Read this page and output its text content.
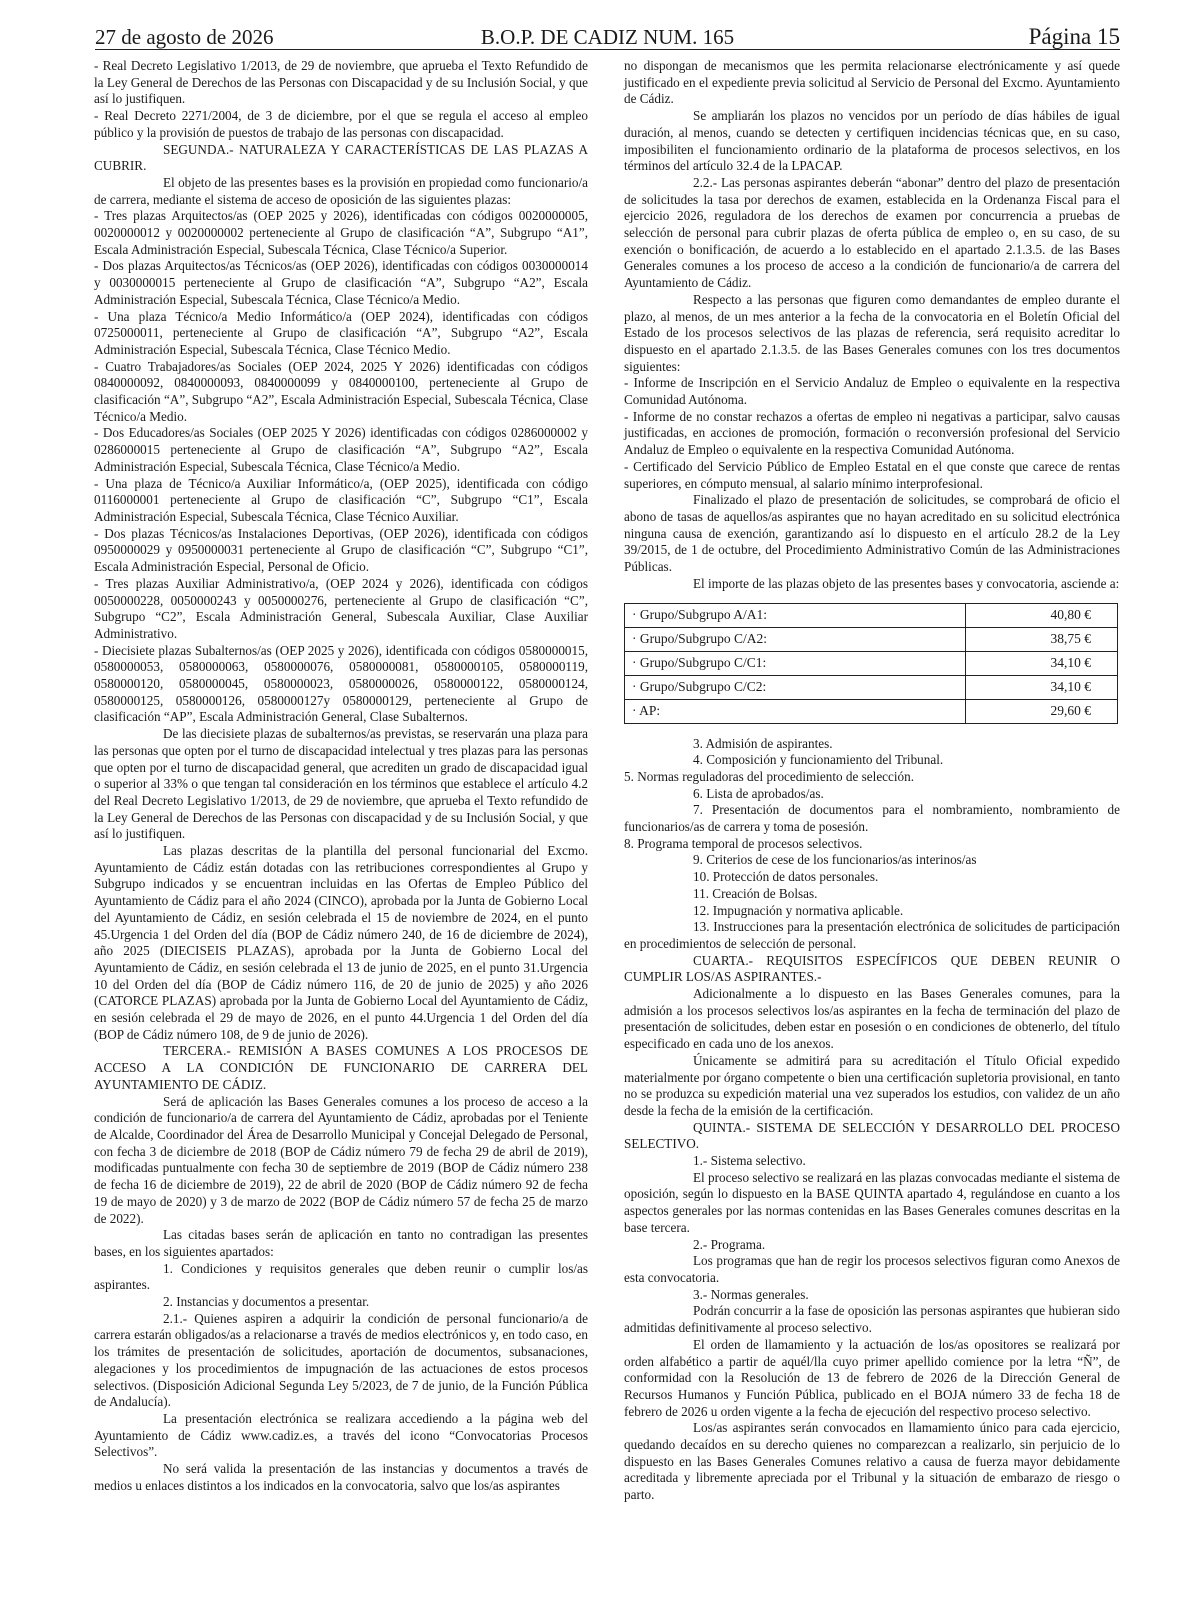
27 de agosto de 2026	B.O.P. DE CADIZ NUM. 165	Página 15

- Real Decreto Legislativo 1/2013, de 29 de noviembre, que aprueba el Texto Refundido de la Ley General de Derechos de las Personas con Discapacidad y de su Inclusión Social, y que así lo justifiquen.

- Real Decreto 2271/2004, de 3 de diciembre, por el que se regula el acceso al empleo público y la provisión de puestos de trabajo de las personas con discapacidad.

SEGUNDA.- NATURALEZA Y CARACTERÍSTICAS DE LAS PLAZAS A CUBRIR.

El objeto de las presentes bases es la provisión en propiedad como funcionario/a de carrera, mediante el sistema de acceso de oposición de las siguientes plazas:

- Tres plazas Arquitectos/as (OEP 2025 y 2026), identificadas con códigos 0020000005, 0020000012 y 0020000002 perteneciente al Grupo de clasificación “A”, Subgrupo “A1”, Escala Administración Especial, Subescala Técnica, Clase Técnico/a Superior.

- Dos plazas Arquitectos/as Técnicos/as (OEP 2026), identificadas con códigos 0030000014 y 0030000015 perteneciente al Grupo de clasificación “A”, Subgrupo “A2”, Escala Administración Especial, Subescala Técnica, Clase Técnico/a Medio.

- Una plaza Técnico/a Medio Informático/a (OEP 2024), identificadas con códigos 0725000011, perteneciente al Grupo de clasificación “A”, Subgrupo “A2”, Escala Administración Especial, Subescala Técnica, Clase Técnico Medio.

- Cuatro Trabajadores/as Sociales (OEP 2024, 2025 Y 2026) identificadas con códigos 0840000092, 0840000093, 0840000099 y 0840000100, perteneciente al Grupo de clasificación “A”, Subgrupo “A2”, Escala Administración Especial, Subescala Técnica, Clase Técnico/a Medio.

- Dos Educadores/as Sociales (OEP 2025 Y 2026) identificadas con códigos 0286000002 y 0286000015 perteneciente al Grupo de clasificación “A”, Subgrupo “A2”, Escala Administración Especial, Subescala Técnica, Clase Técnico/a Medio.

- Una plaza de Técnico/a Auxiliar Informático/a, (OEP 2025), identificada con código 0116000001 perteneciente al Grupo de clasificación “C”, Subgrupo “C1”, Escala Administración Especial, Subescala Técnica, Clase Técnico Auxiliar.

- Dos plazas Técnicos/as Instalaciones Deportivas, (OEP 2026), identificada con códigos 0950000029 y 0950000031 perteneciente al Grupo de clasificación “C”, Subgrupo “C1”, Escala Administración Especial, Personal de Oficio.

- Tres plazas Auxiliar Administrativo/a, (OEP 2024 y 2026), identificada con códigos 0050000228, 0050000243 y 0050000276, perteneciente al Grupo de clasificación “C”, Subgrupo “C2”, Escala Administración General, Subescala Auxiliar, Clase Auxiliar Administrativo.

- Diecisiete plazas Subalternos/as (OEP 2025 y 2026), identificada con códigos 0580000015, 0580000053, 0580000063, 0580000076, 0580000081, 0580000105, 0580000119, 0580000120, 0580000045, 0580000023, 0580000026, 0580000122, 0580000124, 0580000125, 0580000126, 0580000127y 0580000129, perteneciente al Grupo de clasificación “AP”, Escala Administración General, Clase Subalternos.

De las diecisiete plazas de subalternos/as previstas, se reservarán una plaza para las personas que opten por el turno de discapacidad intelectual y tres plazas para las personas que opten por el turno de discapacidad general, que acrediten un grado de discapacidad igual o superior al 33% o que tengan tal consideración en los términos que establece el artículo 4.2 del Real Decreto Legislativo 1/2013, de 29 de noviembre, que aprueba el Texto refundido de la Ley General de Derechos de las Personas con discapacidad y de su Inclusión Social, y que así lo justifiquen.

Las plazas descritas de la plantilla del personal funcionarial del Excmo. Ayuntamiento de Cádiz están dotadas con las retribuciones correspondientes al Grupo y Subgrupo indicados y se encuentran incluidas en las Ofertas de Empleo Público del Ayuntamiento de Cádiz para el año 2024 (CINCO), aprobada por la Junta de Gobierno Local del Ayuntamiento de Cádiz, en sesión celebrada el 15 de noviembre de 2024, en el punto 45.Urgencia 1 del Orden del día (BOP de Cádiz número 240, de 16 de diciembre de 2024), año 2025 (DIECISEIS PLAZAS), aprobada por la Junta de Gobierno Local del Ayuntamiento de Cádiz, en sesión celebrada el 13 de junio de 2025, en el punto 31.Urgencia 10 del Orden del día (BOP de Cádiz número 116, de 20 de junio de 2025) y año 2026 (CATORCE PLAZAS) aprobada por la Junta de Gobierno Local del Ayuntamiento de Cádiz, en sesión celebrada el 29 de mayo de 2026, en el punto 44.Urgencia 1 del Orden del día (BOP de Cádiz número 108, de 9 de junio de 2026).

TERCERA.- REMISIÓN A BASES COMUNES A LOS PROCESOS DE ACCESO A LA CONDICIÓN DE FUNCIONARIO DE CARRERA DEL AYUNTAMIENTO DE CÁDIZ.

Será de aplicación las Bases Generales comunes a los proceso de acceso a la condición de funcionario/a de carrera del Ayuntamiento de Cádiz, aprobadas por el Teniente de Alcalde, Coordinador del Área de Desarrollo Municipal y Concejal Delegado de Personal, con fecha 3 de diciembre de 2018 (BOP de Cádiz número 79 de fecha 29 de abril de 2019), modificadas puntualmente con fecha 30 de septiembre de 2019 (BOP de Cádiz número 238 de fecha 16 de diciembre de 2019), 22 de abril de 2020 (BOP de Cádiz número 92 de fecha 19 de mayo de 2020) y 3 de marzo de 2022 (BOP de Cádiz número 57 de fecha 25 de marzo de 2022).

Las citadas bases serán de aplicación en tanto no contradigan las presentes bases, en los siguientes apartados:

1. Condiciones y requisitos generales que deben reunir o cumplir los/as aspirantes.

2. Instancias y documentos a presentar.

2.1.- Quienes aspiren a adquirir la condición de personal funcionario/a de carrera estarán obligados/as a relacionarse a través de medios electrónicos y, en todo caso, en los trámites de presentación de solicitudes, aportación de documentos, subsanaciones, alegaciones y los procedimientos de impugnación de las actuaciones de estos procesos selectivos. (Disposición Adicional Segunda Ley 5/2023, de 7 de junio, de la Función Pública de Andalucía).

La presentación electrónica se realizara accediendo a la página web del Ayuntamiento de Cádiz www.cadiz.es, a través del icono “Convocatorias Procesos Selectivos”.

No será valida la presentación de las instancias y documentos a través de medios u enlaces distintos a los indicados en la convocatoria, salvo que los/as aspirantes

no dispongan de mecanismos que les permita relacionarse electrónicamente y así quede justificado en el expediente previa solicitud al Servicio de Personal del Excmo. Ayuntamiento de Cádiz.

Se ampliarán los plazos no vencidos por un período de días hábiles de igual duración, al menos, cuando se detecten y certifiquen incidencias técnicas que, en su caso, imposibiliten el funcionamiento ordinario de la plataforma de procesos selectivos, en los términos del artículo 32.4 de la LPACAP.

2.2.- Las personas aspirantes deberán “abonar” dentro del plazo de presentación de solicitudes la tasa por derechos de examen, establecida en la Ordenanza Fiscal para el ejercicio 2026, reguladora de los derechos de examen por concurrencia a pruebas de selección de personal para cubrir plazas de oferta pública de empleo o, en su caso, de su exención o bonificación, de acuerdo a lo establecido en el apartado 2.1.3.5. de las Bases Generales comunes a los proceso de acceso a la condición de funcionario/a de carrera del Ayuntamiento de Cádiz.

Respecto a las personas que figuren como demandantes de empleo durante el plazo, al menos, de un mes anterior a la fecha de la convocatoria en el Boletín Oficial del Estado de los procesos selectivos de las plazas de referencia, será requisito acreditar lo dispuesto en el apartado 2.1.3.5. de las Bases Generales comunes con los tres documentos siguientes:

- Informe de Inscripción en el Servicio Andaluz de Empleo o equivalente en la respectiva Comunidad Autónoma.

- Informe de no constar rechazos a ofertas de empleo ni negativas a participar, salvo causas justificadas, en acciones de promoción, formación o reconversión profesional del Servicio Andaluz de Empleo o equivalente en la respectiva Comunidad Autónoma.

- Certificado del Servicio Público de Empleo Estatal en el que conste que carece de rentas superiores, en cómputo mensual, al salario mínimo interprofesional.

Finalizado el plazo de presentación de solicitudes, se comprobará de oficio el abono de tasas de aquellos/as aspirantes que no hayan acreditado en su solicitud electrónica ninguna causa de exención, garantizando así lo dispuesto en el artículo 28.2 de la Ley 39/2015, de 1 de octubre, del Procedimiento Administrativo Común de las Administraciones Públicas.

El importe de las plazas objeto de las presentes bases y convocatoria, asciende a:

· Grupo/Subgrupo A/A1:	40,80 €
· Grupo/Subgrupo C/A2:	38,75 €
· Grupo/Subgrupo C/C1:	34,10 €
· Grupo/Subgrupo C/C2:	34,10 €
· AP:	29,60 €

3. Admisión de aspirantes.

4. Composición y funcionamiento del Tribunal.

5. Normas reguladoras del procedimiento de selección.

6. Lista de aprobados/as.

7. Presentación de documentos para el nombramiento, nombramiento de funcionarios/as de carrera y toma de posesión.

8. Programa temporal de procesos selectivos.

9. Criterios de cese de los funcionarios/as interinos/as

10. Protección de datos personales.

11. Creación de Bolsas.

12. Impugnación y normativa aplicable.

13. Instrucciones para la presentación electrónica de solicitudes de participación en procedimientos de selección de personal.

CUARTA.- REQUISITOS ESPECÍFICOS QUE DEBEN REUNIR O CUMPLIR LOS/AS ASPIRANTES.-

Adicionalmente a lo dispuesto en las Bases Generales comunes, para la admisión a los procesos selectivos los/as aspirantes en la fecha de terminación del plazo de presentación de solicitudes, deben estar en posesión o en condiciones de obtenerlo, del título especificado en cada uno de los anexos.

Únicamente se admitirá para su acreditación el Título Oficial expedido materialmente por órgano competente o bien una certificación supletoria provisional, en tanto no se produzca su expedición material una vez superados los estudios, con validez de un año desde la fecha de la emisión de la certificación.

QUINTA.- SISTEMA DE SELECCIÓN Y DESARROLLO DEL PROCESO SELECTIVO.

1.- Sistema selectivo.

El proceso selectivo se realizará en las plazas convocadas mediante el sistema de oposición, según lo dispuesto en la BASE QUINTA apartado 4, regulándose en cuanto a los aspectos generales por las normas contenidas en las Bases Generales comunes descritas en la base tercera.

2.- Programa.

Los programas que han de regir los procesos selectivos figuran como Anexos de esta convocatoria.

3.- Normas generales.

Podrán concurrir a la fase de oposición las personas aspirantes que hubieran sido admitidas definitivamente al proceso selectivo.

El orden de llamamiento y la actuación de los/as opositores se realizará por orden alfabético a partir de aquél/lla cuyo primer apellido comience por la letra “Ñ”, de conformidad con la Resolución de 13 de febrero de 2026 de la Dirección General de Recursos Humanos y Función Pública, publicado en el BOJA número 33 de fecha 18 de febrero de 2026 u orden vigente a la fecha de ejecución del respectivo proceso selectivo.

Los/as aspirantes serán convocados en llamamiento único para cada ejercicio, quedando decaídos en su derecho quienes no comparezcan a realizarlo, sin perjuicio de lo dispuesto en las Bases Generales Comunes relativo a causa de fuerza mayor debidamente acreditada y libremente apreciada por el Tribunal y la situación de embarazo de riesgo o parto.
